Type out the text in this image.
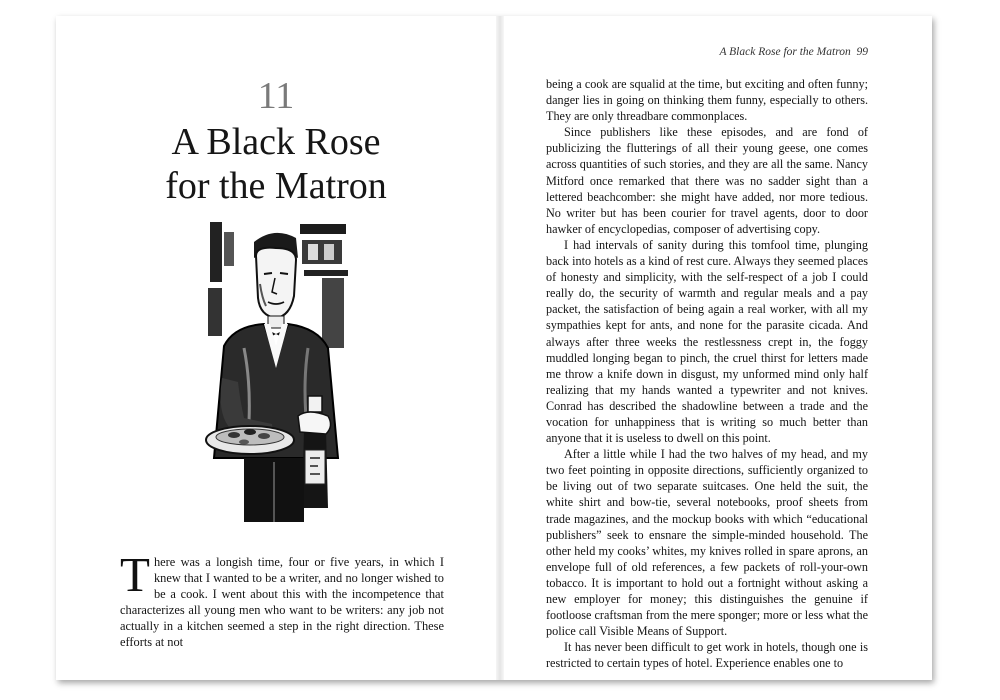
11
A Black Rose
for the Matron

There was a longish time, four or five years, in which I knew that I wanted to be a writer, and no longer wished to be a cook. I went about this with the incompetence that characterizes all young men who want to be writers: any job not actually in a kitchen seemed a step in the right direction. These efforts at not

A Black Rose for the Matron 99

being a cook are squalid at the time, but exciting and often funny; danger lies in going on thinking them funny, especially to others. They are only threadbare commonplaces.

Since publishers like these episodes, and are fond of publicizing the flutterings of all their young geese, one comes across quantities of such stories, and they are all the same. Nancy Mitford once remarked that there was no sadder sight than a lettered beachcomber: she might have added, nor more tedious. No writer but has been courier for travel agents, door to door hawker of encyclopedias, composer of advertising copy.

I had intervals of sanity during this tomfool time, plunging back into hotels as a kind of rest cure. Always they seemed places of honesty and simplicity, with the self-respect of a job I could really do, the security of warmth and regular meals and a pay packet, the satisfaction of being again a real worker, with all my sympathies kept for ants, and none for the parasite cicada. And always after three weeks the restlessness crept in, the foggy muddled longing began to pinch, the cruel thirst for letters made me throw a knife down in disgust, my unformed mind only half realizing that my hands wanted a typewriter and not knives. Conrad has described the shadowline between a trade and the vocation for unhappiness that is writing so much better than anyone that it is useless to dwell on this point.

After a little while I had the two halves of my head, and my two feet pointing in opposite directions, sufficiently organized to be living out of two separate suitcases. One held the suit, the white shirt and bow-tie, several notebooks, proof sheets from trade magazines, and the mockup books with which “educational publishers” seek to ensnare the simple-minded household. The other held my cooks’ whites, my knives rolled in spare aprons, an envelope full of old references, a few packets of roll-your-own tobacco. It is important to hold out a fortnight without asking a new employer for money; this distinguishes the genuine if footloose craftsman from the mere sponger; more or less what the police call Visible Means of Support.

It has never been difficult to get work in hotels, though one is restricted to certain types of hotel. Experience enables one to
